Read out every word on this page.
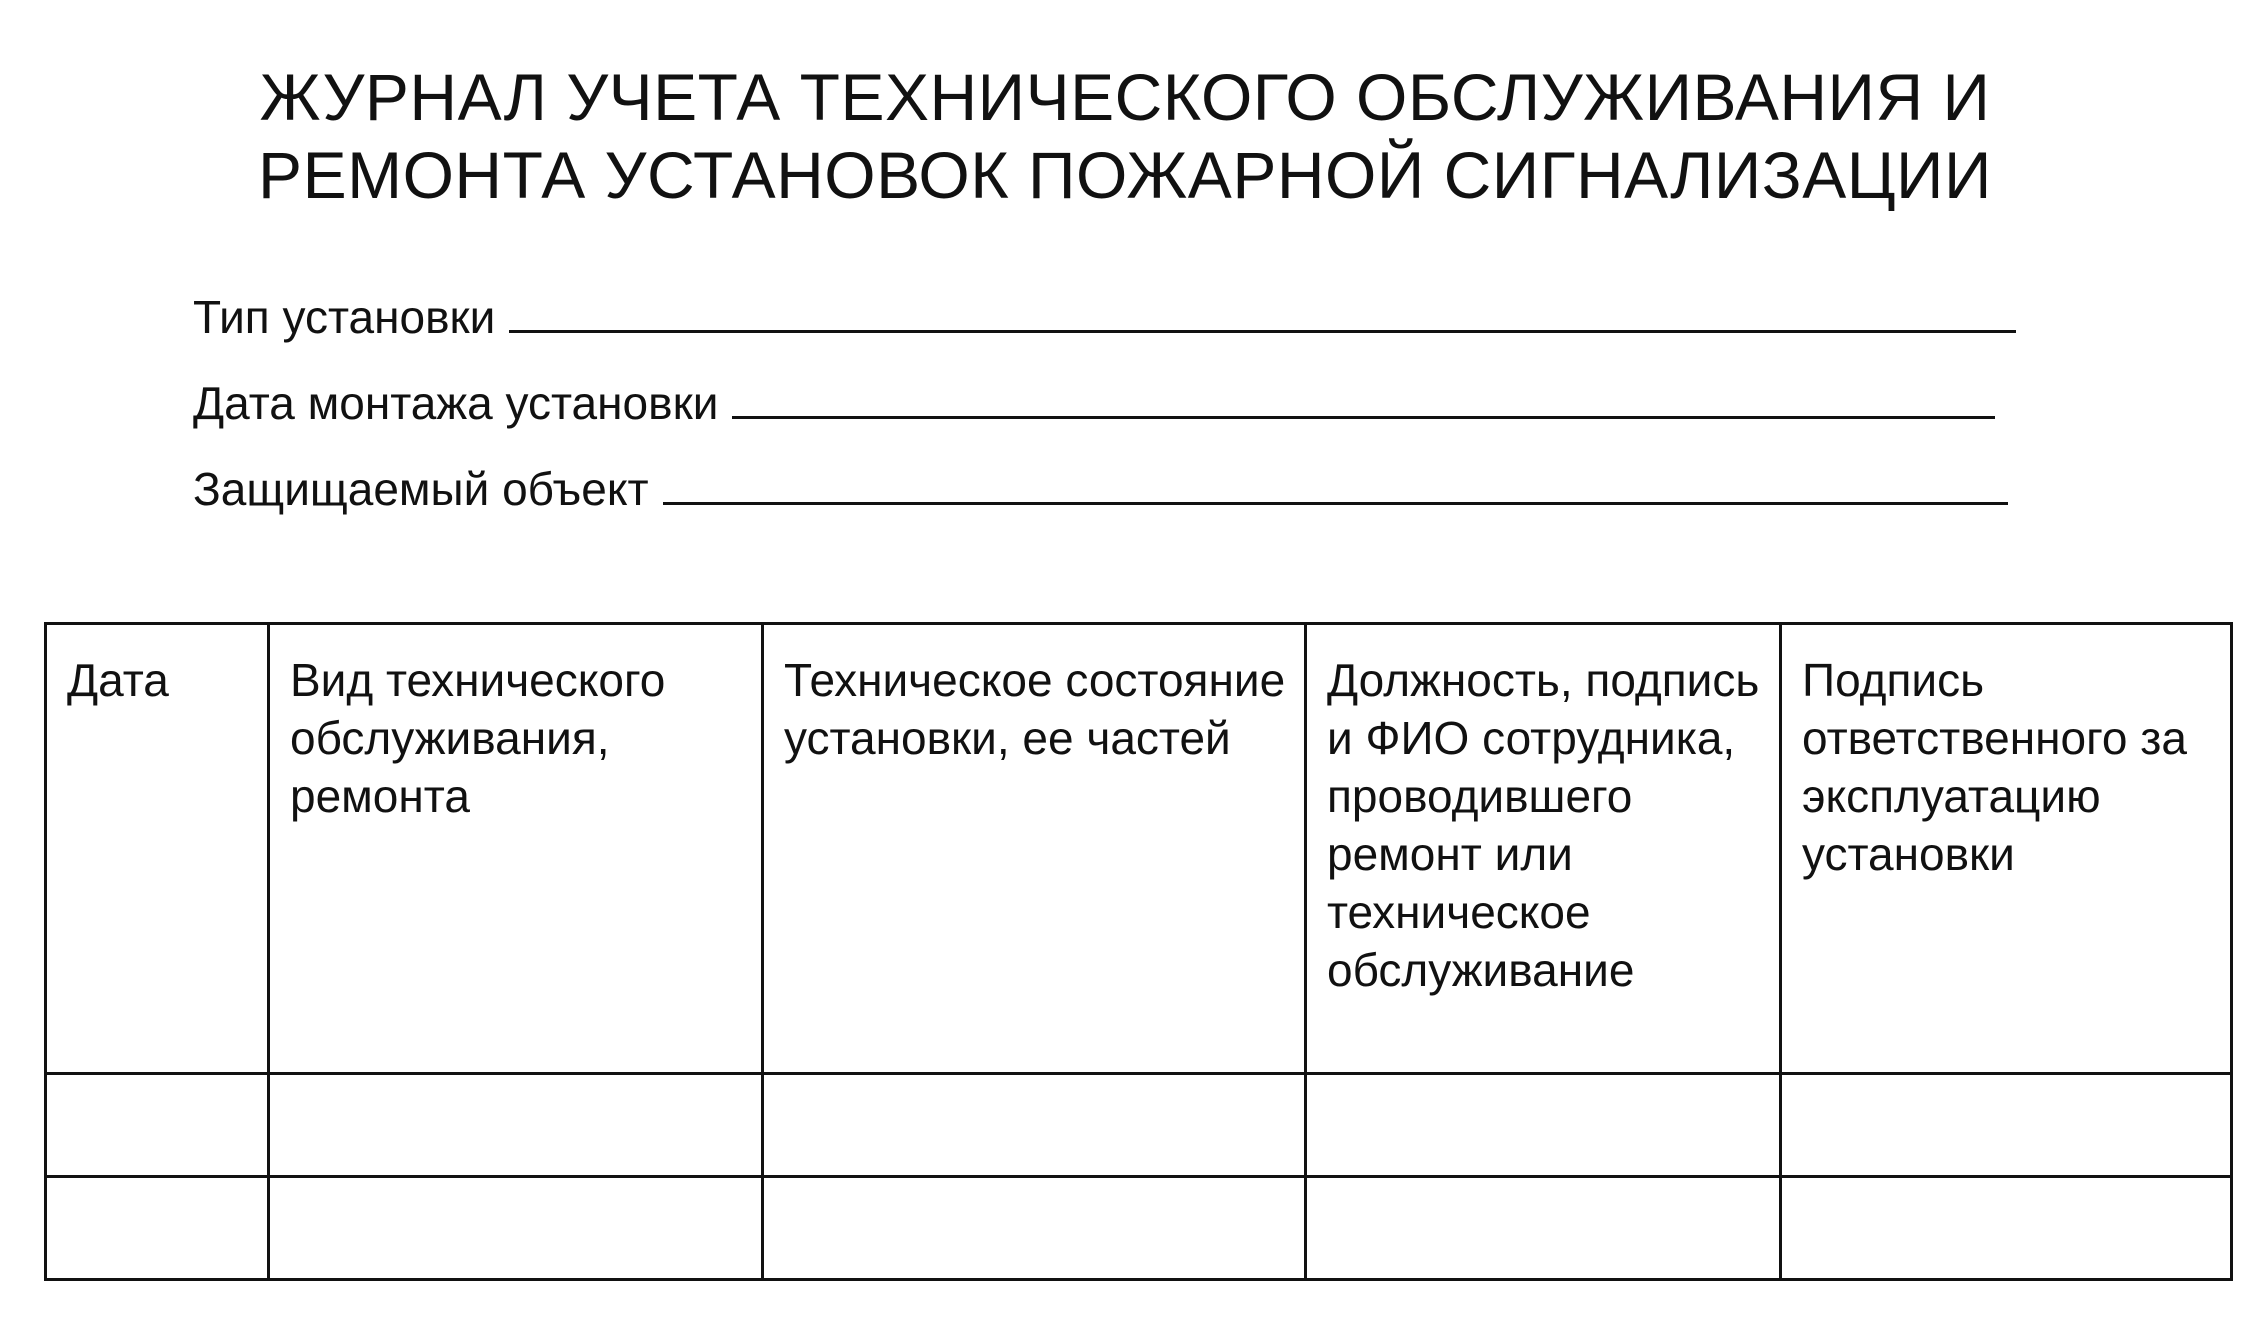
ЖУРНАЛ УЧЕТА ТЕХНИЧЕСКОГО ОБСЛУЖИВАНИЯ И
РЕМОНТА УСТАНОВОК ПОЖАРНОЙ СИГНАЛИЗАЦИИ
Тип установки
Дата монтажа установки
Защищаемый объект
Дата	Вид технического обслуживания, ремонта	Техническое состояние установки, ее частей	Должность, подпись и ФИО сотрудника, проводившего ремонт или техническое обслуживание	Подпись ответственного за эксплуатацию установки
